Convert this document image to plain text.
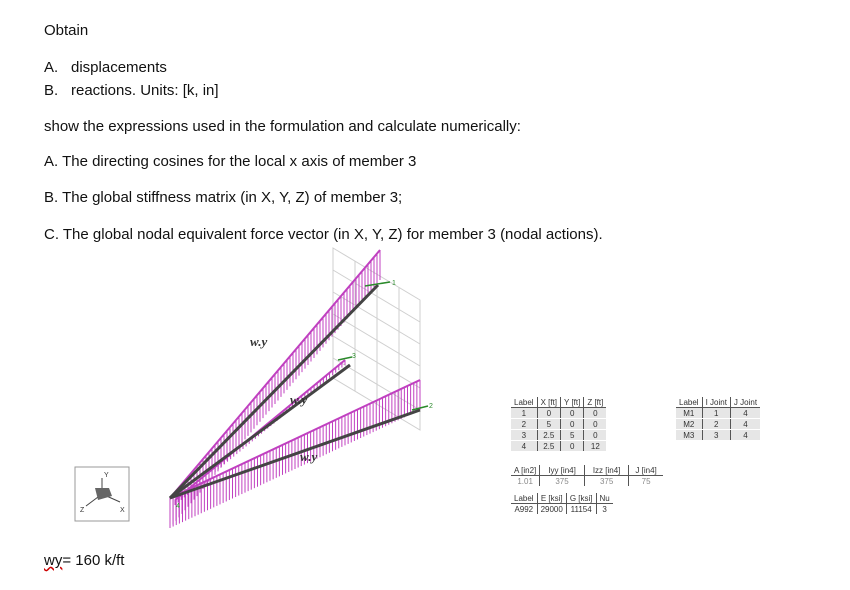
Obtain
A. displacements
B. reactions. Units: [k, in]
show the expressions used in the formulation and calculate numerically:
A. The directing cosines for the local x axis of member 3
B. The global stiffness matrix (in X, Y, Z) of member 3;
C. The global nodal equivalent force vector (in X, Y, Z) for member 3 (nodal actions).
4
1
3
2
Y
X
Z
w.y
w.y
w.y
Label	X [ft]	Y [ft]	Z [ft]
1	0	0	0
2	5	0	0
3	2.5	5	0
4	2.5	0	12
Label	I Joint	J Joint
M1	1	4
M2	2	4
M3	3	4
A [in2]	Iyy [in4]	Izz [in4]	J [in4]
1.01	375	375	75
Label	E [ksi]	G [ksi]	Nu
A992	29000	11154	3
wy= 160 k/ft
